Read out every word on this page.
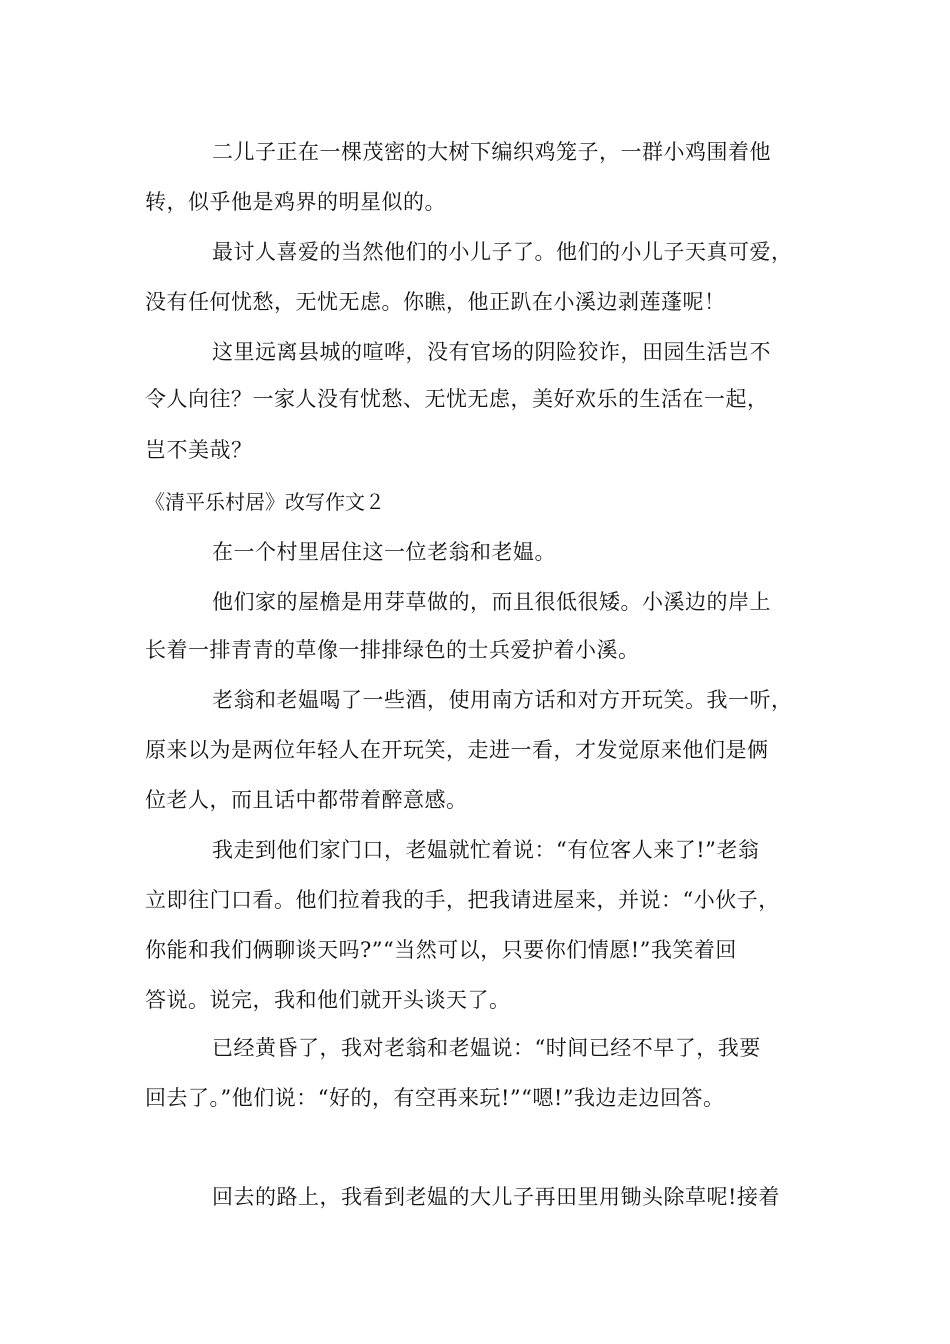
二儿子正在一棵茂密的大树下编织鸡笼子，一群小鸡围着他
转，似乎他是鸡界的明星似的。
最讨人喜爱的当然他们的小儿子了。他们的小儿子天真可爱，
没有任何忧愁，无忧无虑。你瞧，他正趴在小溪边剥莲蓬呢！
这里远离县城的喧哗，没有官场的阴险狡诈，田园生活岂不
令人向往？一家人没有忧愁、无忧无虑，美好欢乐的生活在一起，
岂不美哉？
《清平乐村居》改写作文２
在一个村里居住这一位老翁和老媪。
他们家的屋檐是用芽草做的，而且很低很矮。小溪边的岸上
长着一排青青的草像一排排绿色的士兵爱护着小溪。
老翁和老媪喝了一些酒，使用南方话和对方开玩笑。我一听，
原来以为是两位年轻人在开玩笑，走进一看，才发觉原来他们是俩
位老人，而且话中都带着醉意感。
我走到他们家门口，老媪就忙着说：“有位客人来了!”老翁
立即往门口看。他们拉着我的手，把我请进屋来，并说：“小伙子，
你能和我们俩聊谈天吗?”“当然可以，只要你们情愿!”我笑着回
答说。说完，我和他们就开头谈天了。
已经黄昏了，我对老翁和老媪说：“时间已经不早了，我要
回去了。”他们说：“好的，有空再来玩!”“嗯!”我边走边回答。
回去的路上，我看到老媪的大儿子再田里用锄头除草呢!接着
